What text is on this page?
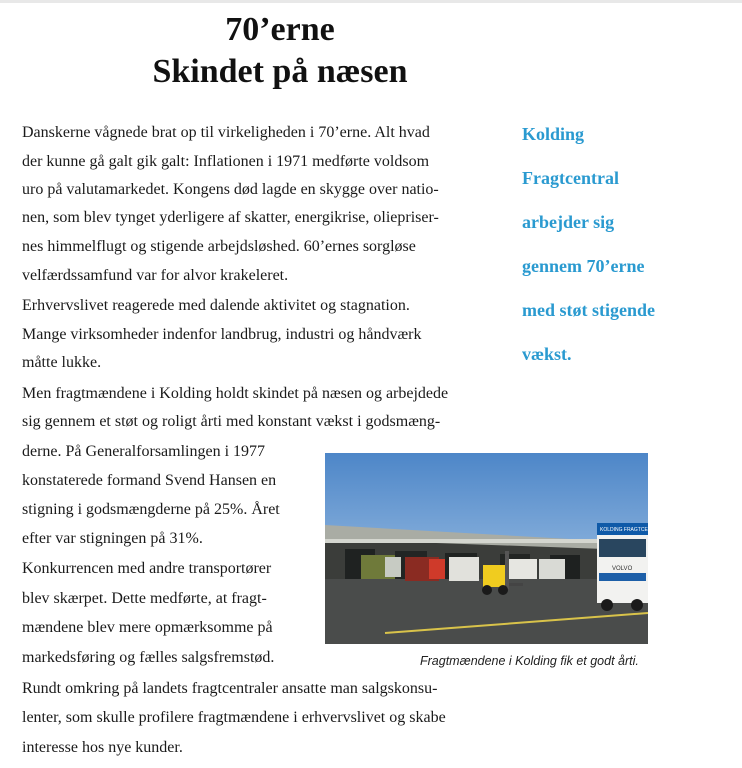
70’erne
Skindet på næsen
Danskerne vågnede brat op til virkeligheden i 70’erne. Alt hvad
der kunne gå galt gik galt: Inflationen i 1971 medførte voldsom
uro på valutamarkedet. Kongens død lagde en skygge over natio-
nen, som blev tynget yderligere af skatter, energikrise, oliepriser-
nes himmelflugt og stigende arbejdsløshed. 60’ernes sorgløse
velfærdssamfund var for alvor krakeleret.
Erhvervslivet reagerede med dalende aktivitet og stagnation.
Mange virksomheder indenfor landbrug, industri og håndværk
måtte lukke.
Men fragtmændene i Kolding holdt skindet på næsen og arbejdede
sig gennem et støt og roligt årti med konstant vækst i godsmæng-
derne. På Generalforsamlingen i 1977
konstaterede formand Svend Hansen en
stigning i godsmængderne på 25%. Året
efter var stigningen på 31%.
Konkurrencen med andre transportører
blev skærpet. Dette medførte, at fragt-
mændene blev mere opmærksomme på
markedsføring og fælles salgsfremstød.
Rundt omkring på landets fragtcentraler ansatte man salgskonsu-
lenter, som skulle profilere fragtmændene i erhvervslivet og skabe
interesse hos nye kunder.
Kolding
Fragtcentral
arbejder sig
gennem 70’erne
med støt stigende
vækst.
KOLDING FRAGTCENTRAL
VOLVO
Fragtmændene i Kolding fik et godt årti.
